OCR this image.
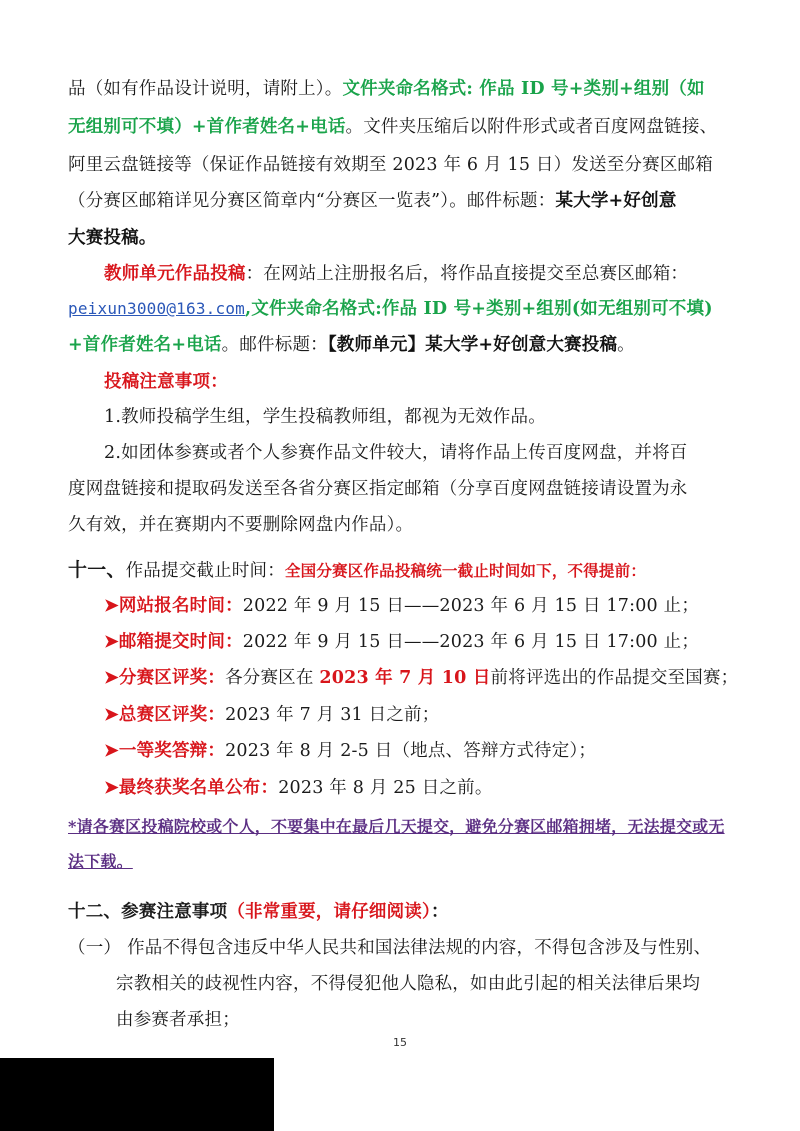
品（如有作品设计说明，请附上）。文件夹命名格式: 作品 ID 号+类别+组别（如
无组别可不填）+首作者姓名+电话。文件夹压缩后以附件形式或者百度网盘链接、
阿里云盘链接等（保证作品链接有效期至 2023 年 6 月 15 日）发送至分赛区邮箱
（分赛区邮箱详见分赛区简章内“分赛区一览表”）。邮件标题：某大学+好创意
大赛投稿。
教师单元作品投稿：在网站上注册报名后，将作品直接提交至总赛区邮箱：
peixun3000@163.com,文件夹命名格式:作品 ID 号+类别+组别(如无组别可不填)
+首作者姓名+电话。邮件标题：【教师单元】某大学+好创意大赛投稿。
投稿注意事项：
1.教师投稿学生组，学生投稿教师组，都视为无效作品。
2.如团体参赛或者个人参赛作品文件较大，请将作品上传百度网盘，并将百
度网盘链接和提取码发送至各省分赛区指定邮箱（分享百度网盘链接请设置为永
久有效，并在赛期内不要删除网盘内作品）。
十一、作品提交截止时间：全国分赛区作品投稿统一截止时间如下，不得提前：
➤网站报名时间：2022 年 9 月 15 日——2023 年 6 月 15 日 17:00 止；
➤邮箱提交时间：2022 年 9 月 15 日——2023 年 6 月 15 日 17:00 止；
➤分赛区评奖：各分赛区在 2023 年 7 月 10 日前将评选出的作品提交至国赛；
➤总赛区评奖：2023 年 7 月 31 日之前；
➤一等奖答辩：2023 年 8 月 2-5 日（地点、答辩方式待定）；
➤最终获奖名单公布：2023 年 8 月 25 日之前。
*请各赛区投稿院校或个人，不要集中在最后几天提交，避免分赛区邮箱拥堵，无法提交或无
法下载。
十二、参赛注意事项（非常重要，请仔细阅读）：
（一） 作品不得包含违反中华人民共和国法律法规的内容，不得包含涉及与性别、
宗教相关的歧视性内容，不得侵犯他人隐私，如由此引起的相关法律后果均
由参赛者承担；
15
